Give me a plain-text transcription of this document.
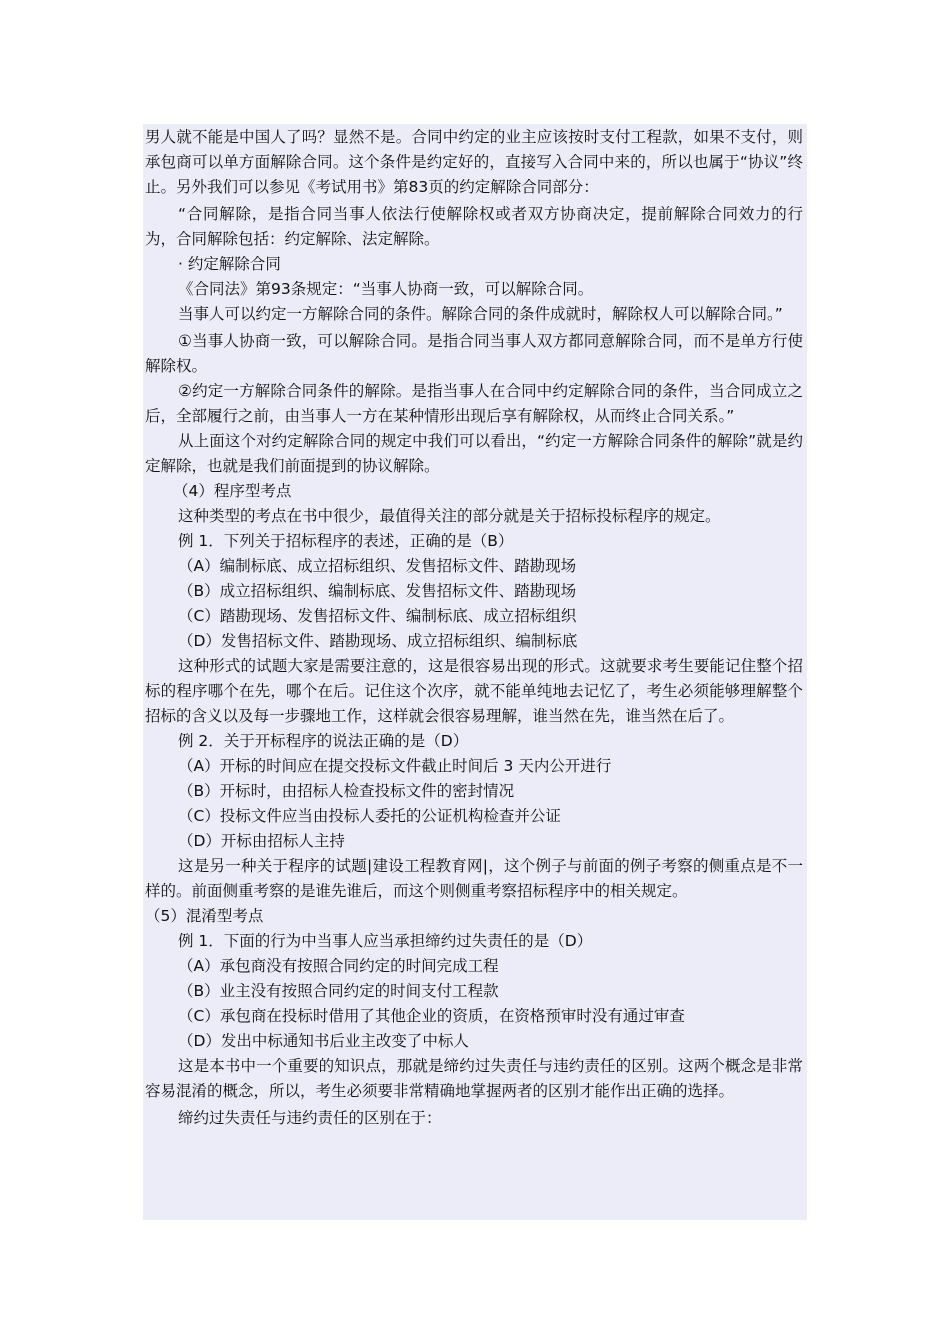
男人就不能是中国人了吗？显然不是。合同中约定的业主应该按时支付工程款，如果不支付，则承包商可以单方面解除合同。这个条件是约定好的，直接写入合同中来的，所以也属于“协议”终止。另外我们可以参见《考试用书》第83页的约定解除合同部分：

“合同解除，是指合同当事人依法行使解除权或者双方协商决定，提前解除合同效力的行为，合同解除包括：约定解除、法定解除。

· 约定解除合同

《合同法》第93条规定：“当事人协商一致，可以解除合同。

当事人可以约定一方解除合同的条件。解除合同的条件成就时，解除权人可以解除合同。”

①当事人协商一致，可以解除合同。是指合同当事人双方都同意解除合同，而不是单方行使解除权。

②约定一方解除合同条件的解除。是指当事人在合同中约定解除合同的条件，当合同成立之后，全部履行之前，由当事人一方在某种情形出现后享有解除权，从而终止合同关系。”

从上面这个对约定解除合同的规定中我们可以看出，“约定一方解除合同条件的解除”就是约定解除，也就是我们前面提到的协议解除。

（4）程序型考点

这种类型的考点在书中很少，最值得关注的部分就是关于招标投标程序的规定。

例 1．下列关于招标程序的表述，正确的是（B）

（A）编制标底、成立招标组织、发售招标文件、踏勘现场

（B）成立招标组织、编制标底、发售招标文件、踏勘现场

（C）踏勘现场、发售招标文件、编制标底、成立招标组织

（D）发售招标文件、踏勘现场、成立招标组织、编制标底

这种形式的试题大家是需要注意的，这是很容易出现的形式。这就要求考生要能记住整个招标的程序哪个在先，哪个在后。记住这个次序，就不能单纯地去记忆了，考生必须能够理解整个招标的含义以及每一步骤地工作，这样就会很容易理解，谁当然在先，谁当然在后了。

例 2．关于开标程序的说法正确的是（D）

（A）开标的时间应在提交投标文件截止时间后 3 天内公开进行

（B）开标时，由招标人检查投标文件的密封情况

（C）投标文件应当由投标人委托的公证机构检查并公证

（D）开标由招标人主持

这是另一种关于程序的试题|建设工程教育网|，这个例子与前面的例子考察的侧重点是不一样的。前面侧重考察的是谁先谁后，而这个则侧重考察招标程序中的相关规定。

（5）混淆型考点

例 1．下面的行为中当事人应当承担缔约过失责任的是（D）

（A）承包商没有按照合同约定的时间完成工程

（B）业主没有按照合同约定的时间支付工程款

（C）承包商在投标时借用了其他企业的资质，在资格预审时没有通过审查

（D）发出中标通知书后业主改变了中标人

这是本书中一个重要的知识点，那就是缔约过失责任与违约责任的区别。这两个概念是非常容易混淆的概念，所以，考生必须要非常精确地掌握两者的区别才能作出正确的选择。

缔约过失责任与违约责任的区别在于：
